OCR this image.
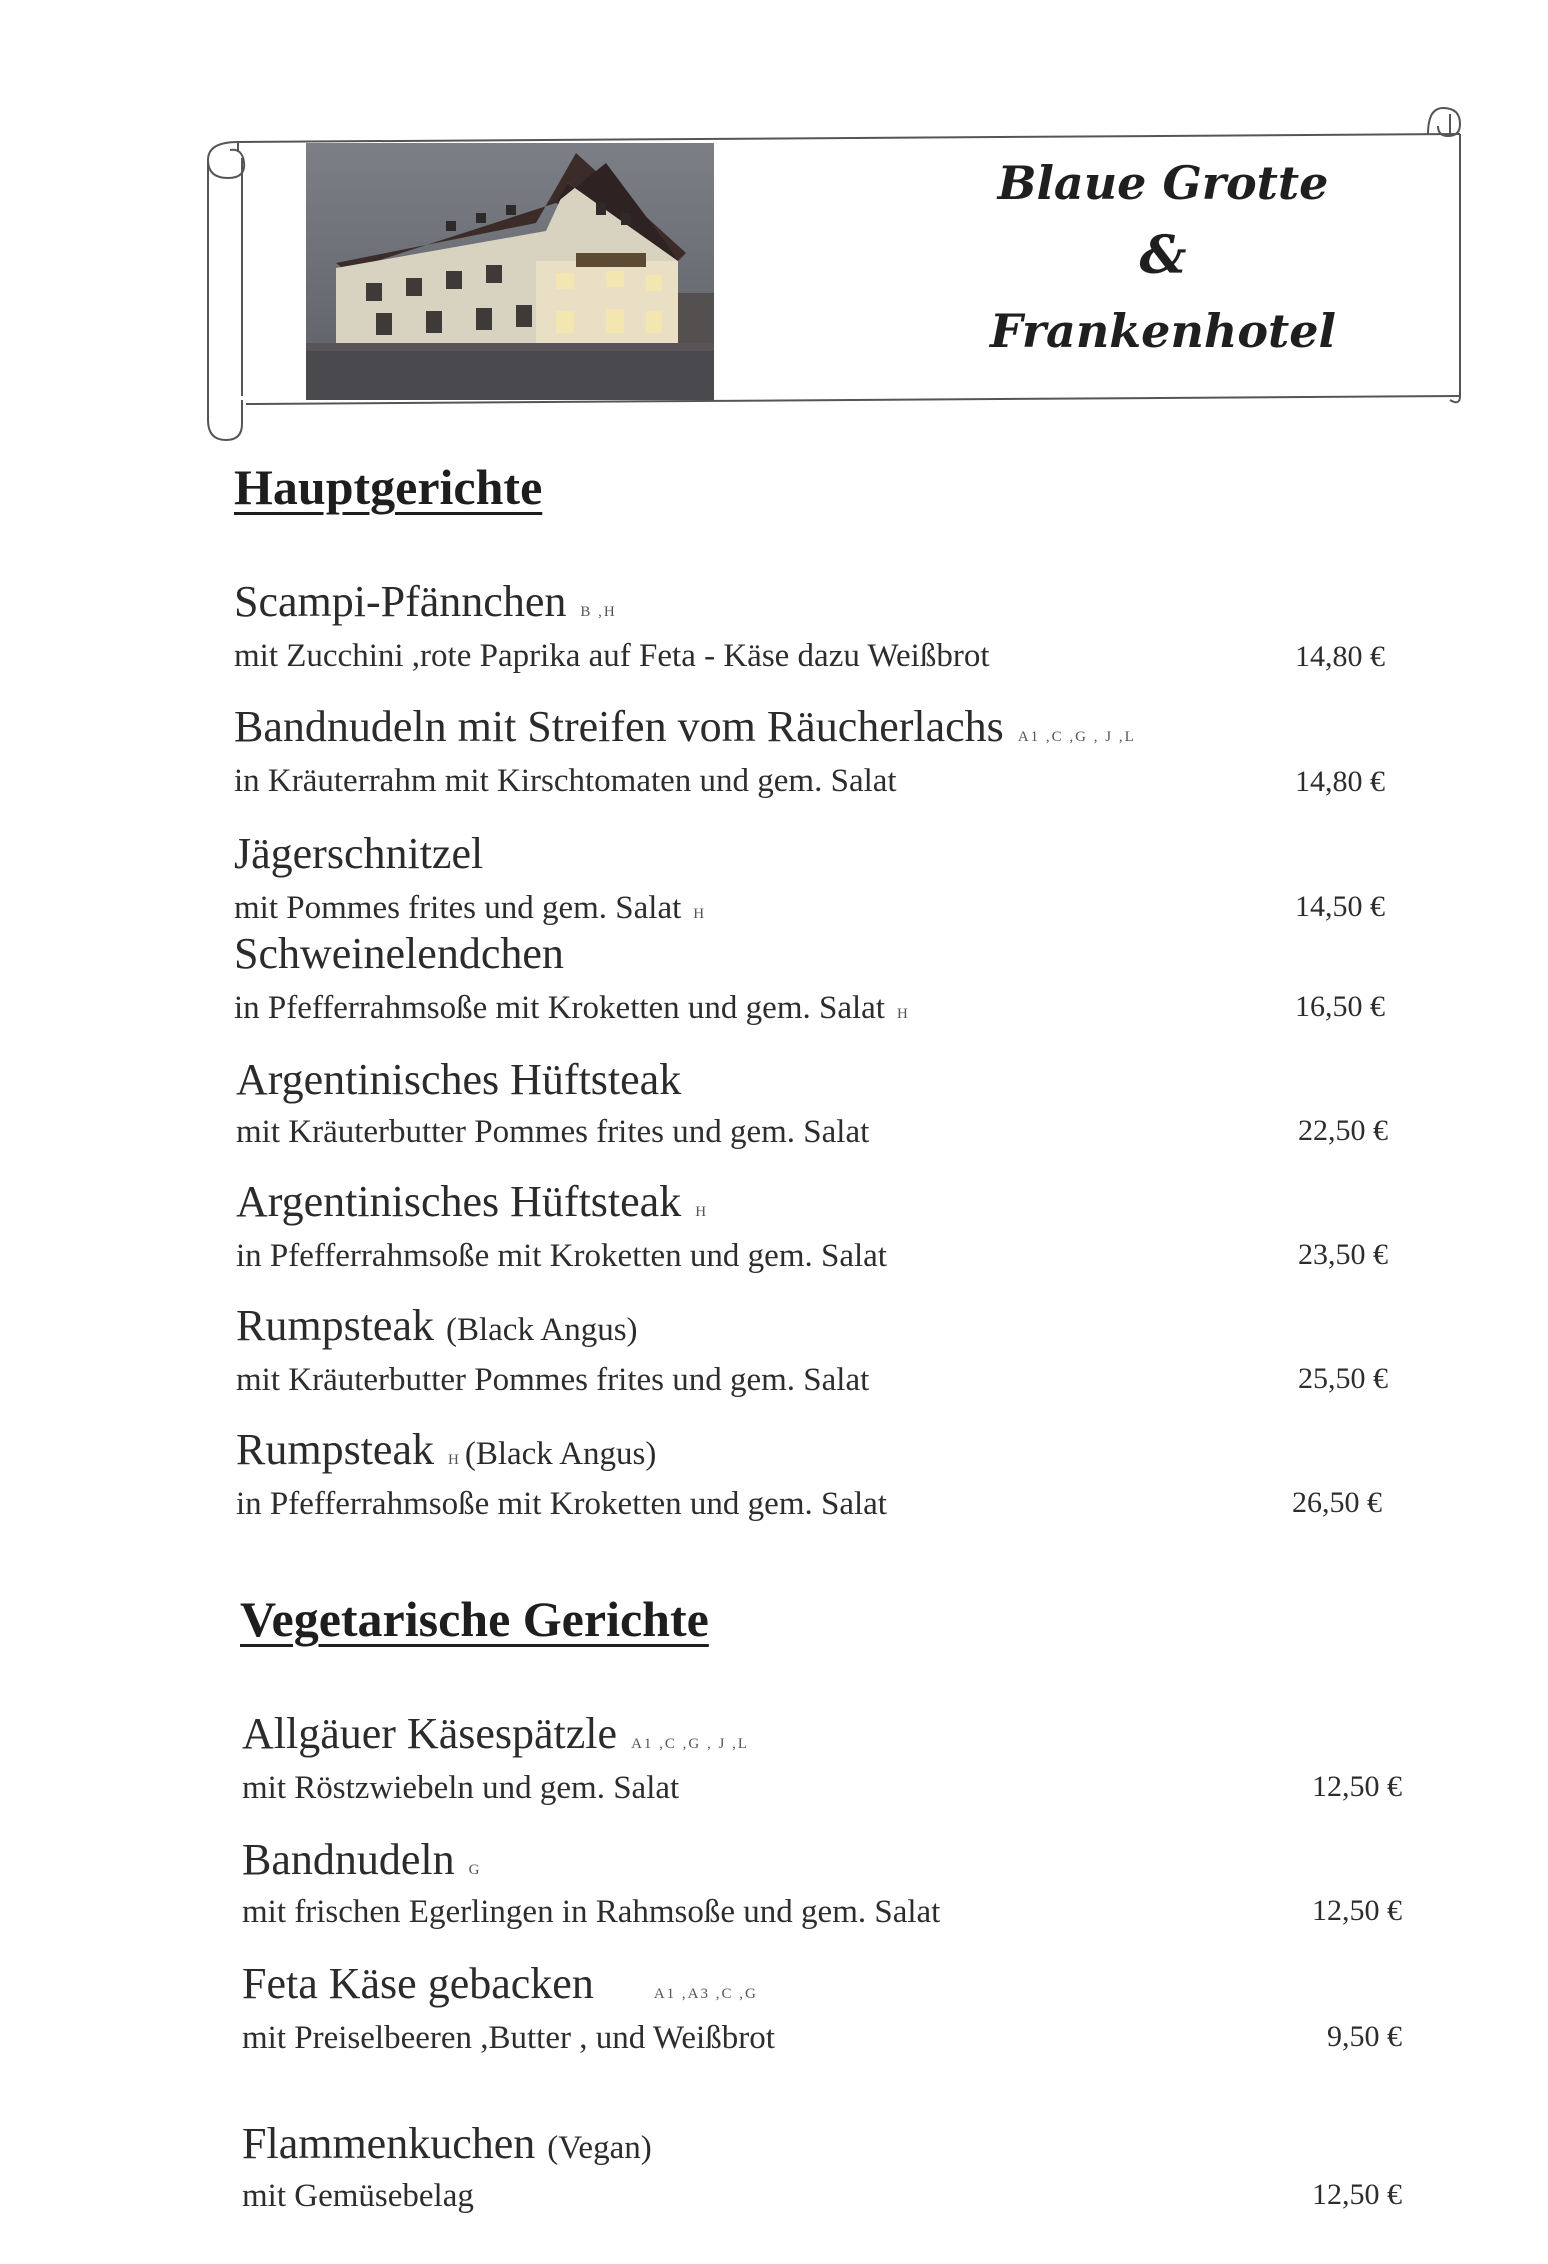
Blaue Grotte
&
Frankenhotel
Hauptgerichte
Scampi-Pfännchen B ,H
mit Zucchini ,rote Paprika auf Feta - Käse dazu Weißbrot	14,80 €
Bandnudeln mit Streifen vom Räucherlachs A1 ,C ,G , J ,L
in Kräuterrahm mit Kirschtomaten und gem. Salat	14,80 €
Jägerschnitzel
mit Pommes frites und gem. Salat H	14,50 €
Schweinelendchen
in Pfefferrahmsoße mit Kroketten und gem. Salat H	16,50 €
Argentinisches Hüftsteak
mit Kräuterbutter Pommes frites und gem. Salat	22,50 €
Argentinisches Hüftsteak H
in Pfefferrahmsoße mit Kroketten und gem. Salat	23,50 €
Rumpsteak (Black Angus)
mit Kräuterbutter Pommes frites und gem. Salat	25,50 €
Rumpsteak H (Black Angus)
in Pfefferrahmsoße mit Kroketten und gem. Salat	26,50 €
Vegetarische Gerichte
Allgäuer Käsespätzle A1 ,C ,G , J ,L
mit Röstzwiebeln und gem. Salat	12,50 €
Bandnudeln G
mit frischen Egerlingen in Rahmsoße und gem. Salat	12,50 €
Feta Käse gebacken	A1 ,A3 ,C ,G
mit Preiselbeeren ,Butter , und Weißbrot	9,50 €
Flammenkuchen (Vegan)
mit Gemüsebelag	12,50 €
